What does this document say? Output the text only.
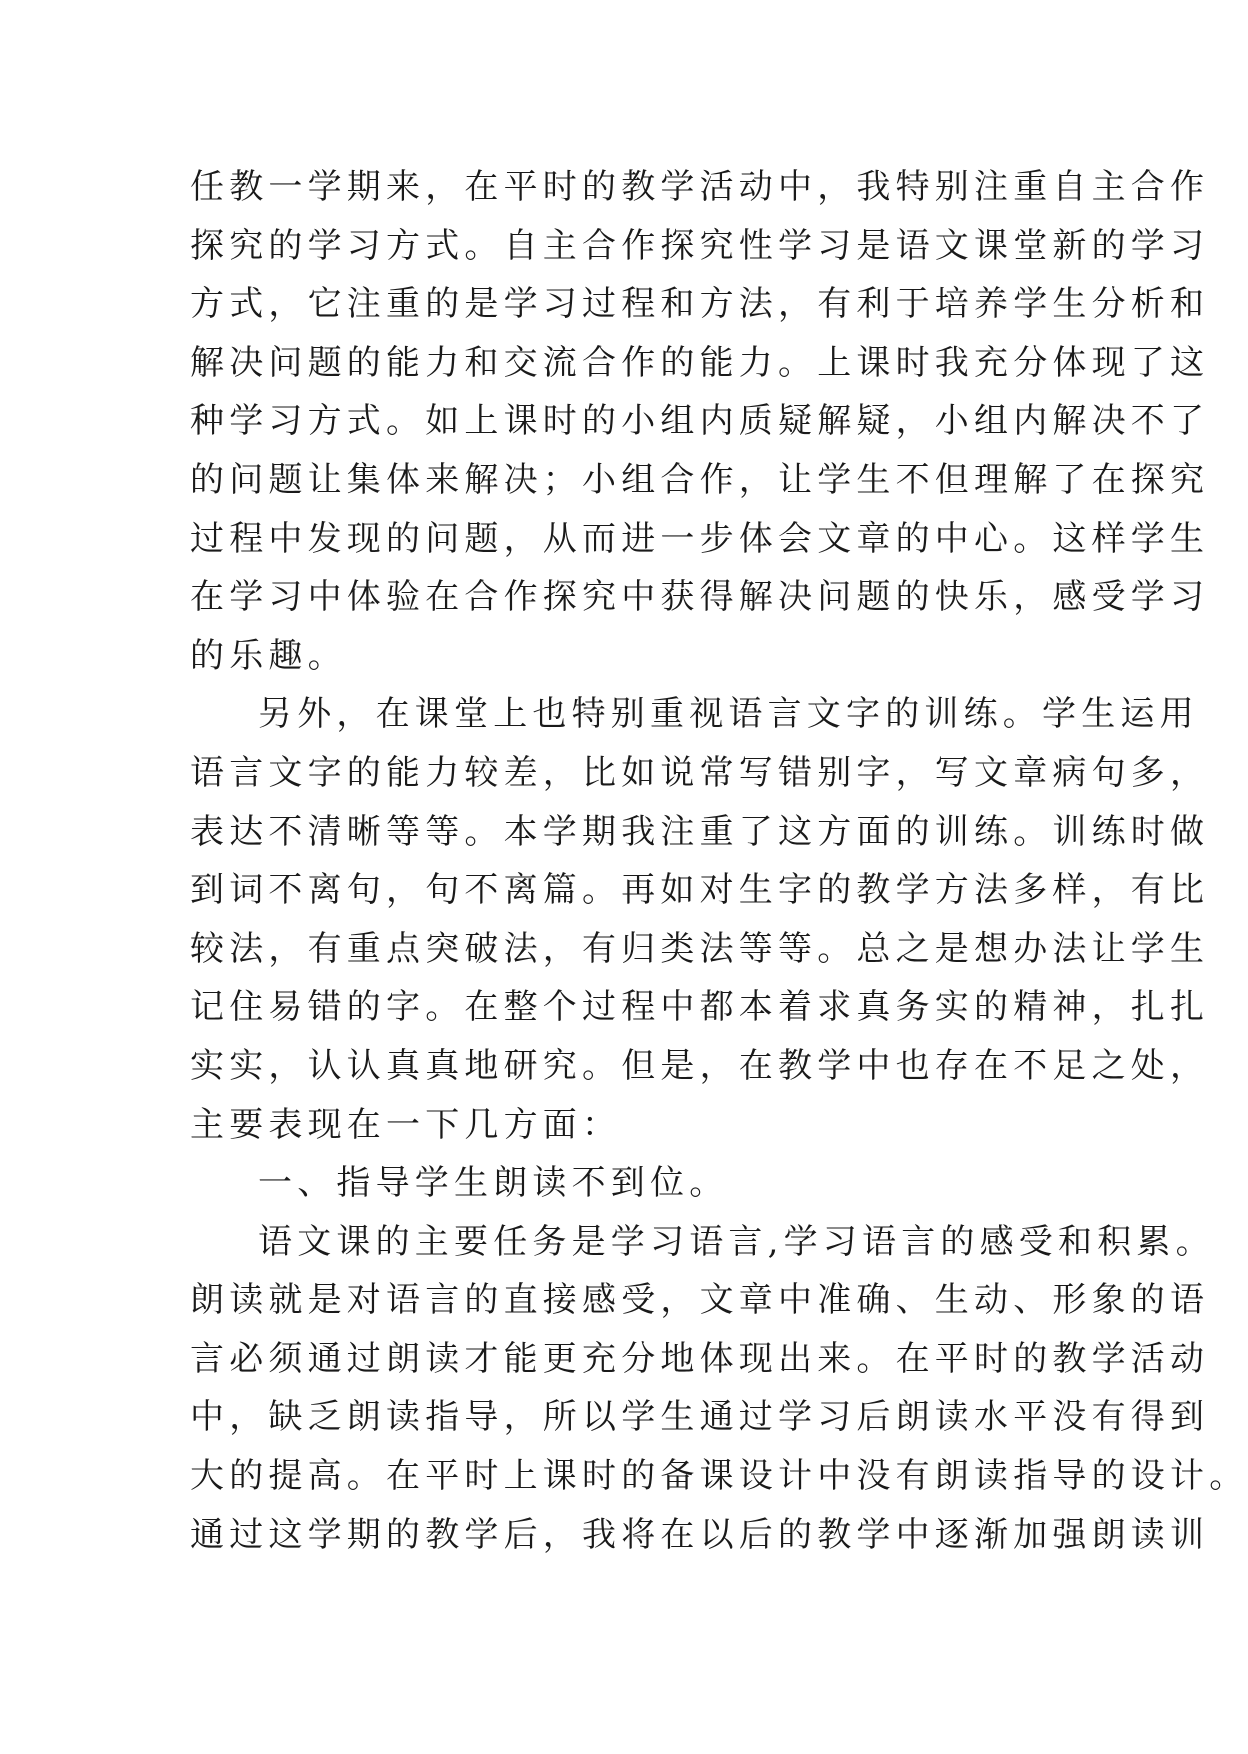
任教一学期来，在平时的教学活动中，我特别注重自主合作
探究的学习方式。自主合作探究性学习是语文课堂新的学习
方式，它注重的是学习过程和方法，有利于培养学生分析和
解决问题的能力和交流合作的能力。上课时我充分体现了这
种学习方式。如上课时的小组内质疑解疑，小组内解决不了
的问题让集体来解决；小组合作，让学生不但理解了在探究
过程中发现的问题，从而进一步体会文章的中心。这样学生
在学习中体验在合作探究中获得解决问题的快乐，感受学习
的乐趣。
另外，在课堂上也特别重视语言文字的训练。学生运用
语言文字的能力较差，比如说常写错别字，写文章病句多，
表达不清晰等等。本学期我注重了这方面的训练。训练时做
到词不离句，句不离篇。再如对生字的教学方法多样，有比
较法，有重点突破法，有归类法等等。总之是想办法让学生
记住易错的字。在整个过程中都本着求真务实的精神，扎扎
实实，认认真真地研究。但是，在教学中也存在不足之处，
主要表现在一下几方面：
一、指导学生朗读不到位。
语文课的主要任务是学习语言,学习语言的感受和积累。
朗读就是对语言的直接感受，文章中准确、生动、形象的语
言必须通过朗读才能更充分地体现出来。在平时的教学活动
中，缺乏朗读指导，所以学生通过学习后朗读水平没有得到
大的提高。在平时上课时的备课设计中没有朗读指导的设计。
通过这学期的教学后，我将在以后的教学中逐渐加强朗读训
